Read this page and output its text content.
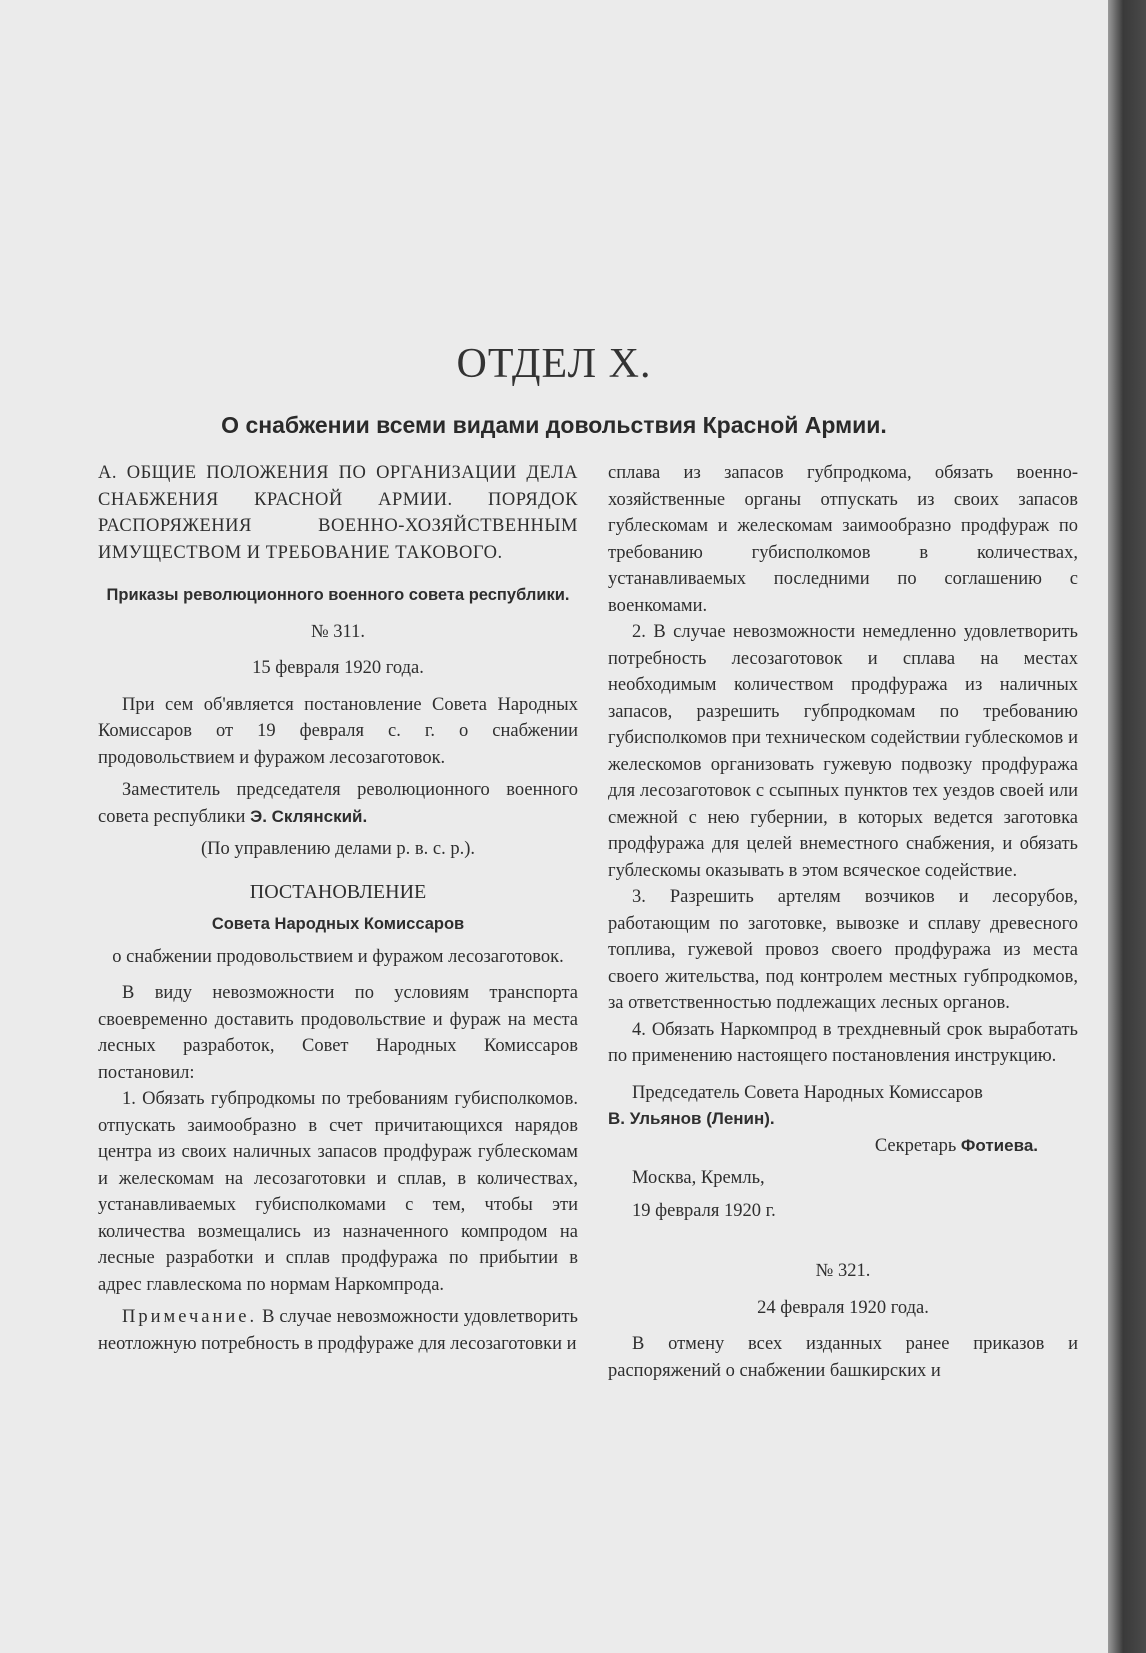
ОТДЕЛ X.
О снабжении всеми видами довольствия Красной Армии.

А. ОБЩИЕ ПОЛОЖЕНИЯ ПО ОРГАНИЗАЦИИ ДЕЛА СНАБЖЕНИЯ КРАСНОЙ АРМИИ. ПОРЯДОК РАСПОРЯЖЕНИЯ ВОЕННО-ХОЗЯЙСТВЕННЫМ ИМУЩЕСТВОМ И ТРЕБОВАНИЕ ТАКОВОГО.

Приказы революционного военного совета республики.

№ 311.

15 февраля 1920 года.

При сем об'является постановление Совета Народных Комиссаров от 19 февраля с. г. о снабжении продовольствием и фуражом лесозаготовок.

Заместитель председателя революционного военного совета республики Э. Склянский.

(По управлению делами р. в. с. р.).

ПОСТАНОВЛЕНИЕ

Совета Народных Комиссаров

о снабжении продовольствием и фуражом лесозаготовок.

В виду невозможности по условиям транспорта своевременно доставить продовольствие и фураж на места лесных разработок, Совет Народных Комиссаров постановил:

1. Обязать губпродкомы по требованиям губисполкомов. отпускать заимообразно в счет причитающихся нарядов центра из своих наличных запасов продфураж гублескомам и желескомам на лесозаготовки и сплав, в количествах, устанавливаемых губисполкомами с тем, чтобы эти количества возмещались из назначенного компродом на лесные разработки и сплав продфуража по прибытии в адрес главлескома по нормам Наркомпрода.

Примечание. В случае невозможности удовлетворить неотложную потребность в продфураже для лесозаготовки и

сплава из запасов губпродкома, обязать военно-хозяйственные органы отпускать из своих запасов гублескомам и желескомам заимообразно продфураж по требованию губисполкомов в количествах, устанавливаемых последними по соглашению с военкомами.

2. В случае невозможности немедленно удовлетворить потребность лесозаготовок и сплава на местах необходимым количеством продфуража из наличных запасов, разрешить губпродкомам по требованию губисполкомов при техническом содействии гублескомов и желескомов организовать гужевую подвозку продфуража для лесозаготовок с ссыпных пунктов тех уездов своей или смежной с нею губернии, в которых ведется заготовка продфуража для целей внеместного снабжения, и обязать гублескомы оказывать в этом всяческое содействие.

3. Разрешить артелям возчиков и лесорубов, работающим по заготовке, вывозке и сплаву древесного топлива, гужевой провоз своего продфуража из места своего жительства, под контролем местных губпродкомов, за ответственностью подлежащих лесных органов.

4. Обязать Наркомпрод в трехдневный срок выработать по применению настоящего постановления инструкцию.

Председатель Совета Народных Комиссаров

В. Ульянов (Ленин).

Секретарь Фотиева.

Москва, Кремль,

19 февраля 1920 г.

№ 321.

24 февраля 1920 года.

В отмену всех изданных ранее приказов и распоряжений о снабжении башкирских и
